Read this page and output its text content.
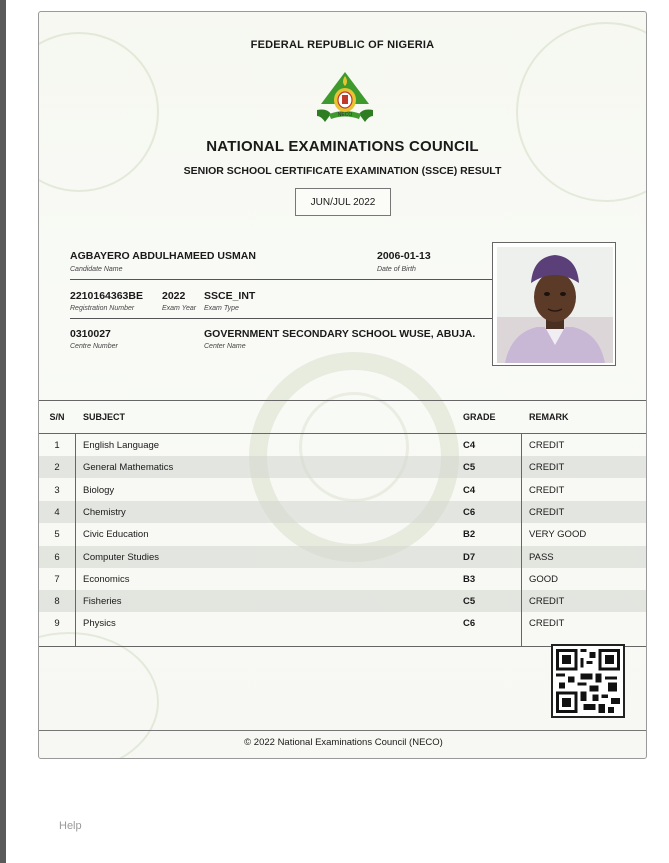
FEDERAL REPUBLIC OF NIGERIA
NECO
NATIONAL EXAMINATIONS COUNCIL
SENIOR SCHOOL CERTIFICATE EXAMINATION (SSCE) RESULT
JUN/JUL 2022
AGBAYERO ABDULHAMEED USMAN
Candidate Name
2006-01-13
Date of Birth
2210164363BE
Registration Number
2022
Exam Year
SSCE_INT
Exam Type
0310027
Centre Number
GOVERNMENT SECONDARY SCHOOL WUSE, ABUJA.
Center Name
S/N	SUBJECT	GRADE	REMARK
1	English Language	C4	CREDIT
2	General Mathematics	C5	CREDIT
3	Biology	C4	CREDIT
4	Chemistry	C6	CREDIT
5	Civic Education	B2	VERY GOOD
6	Computer Studies	D7	PASS
7	Economics	B3	GOOD
8	Fisheries	C5	CREDIT
9	Physics	C6	CREDIT
© 2022 National Examinations Council (NECO)
Help
